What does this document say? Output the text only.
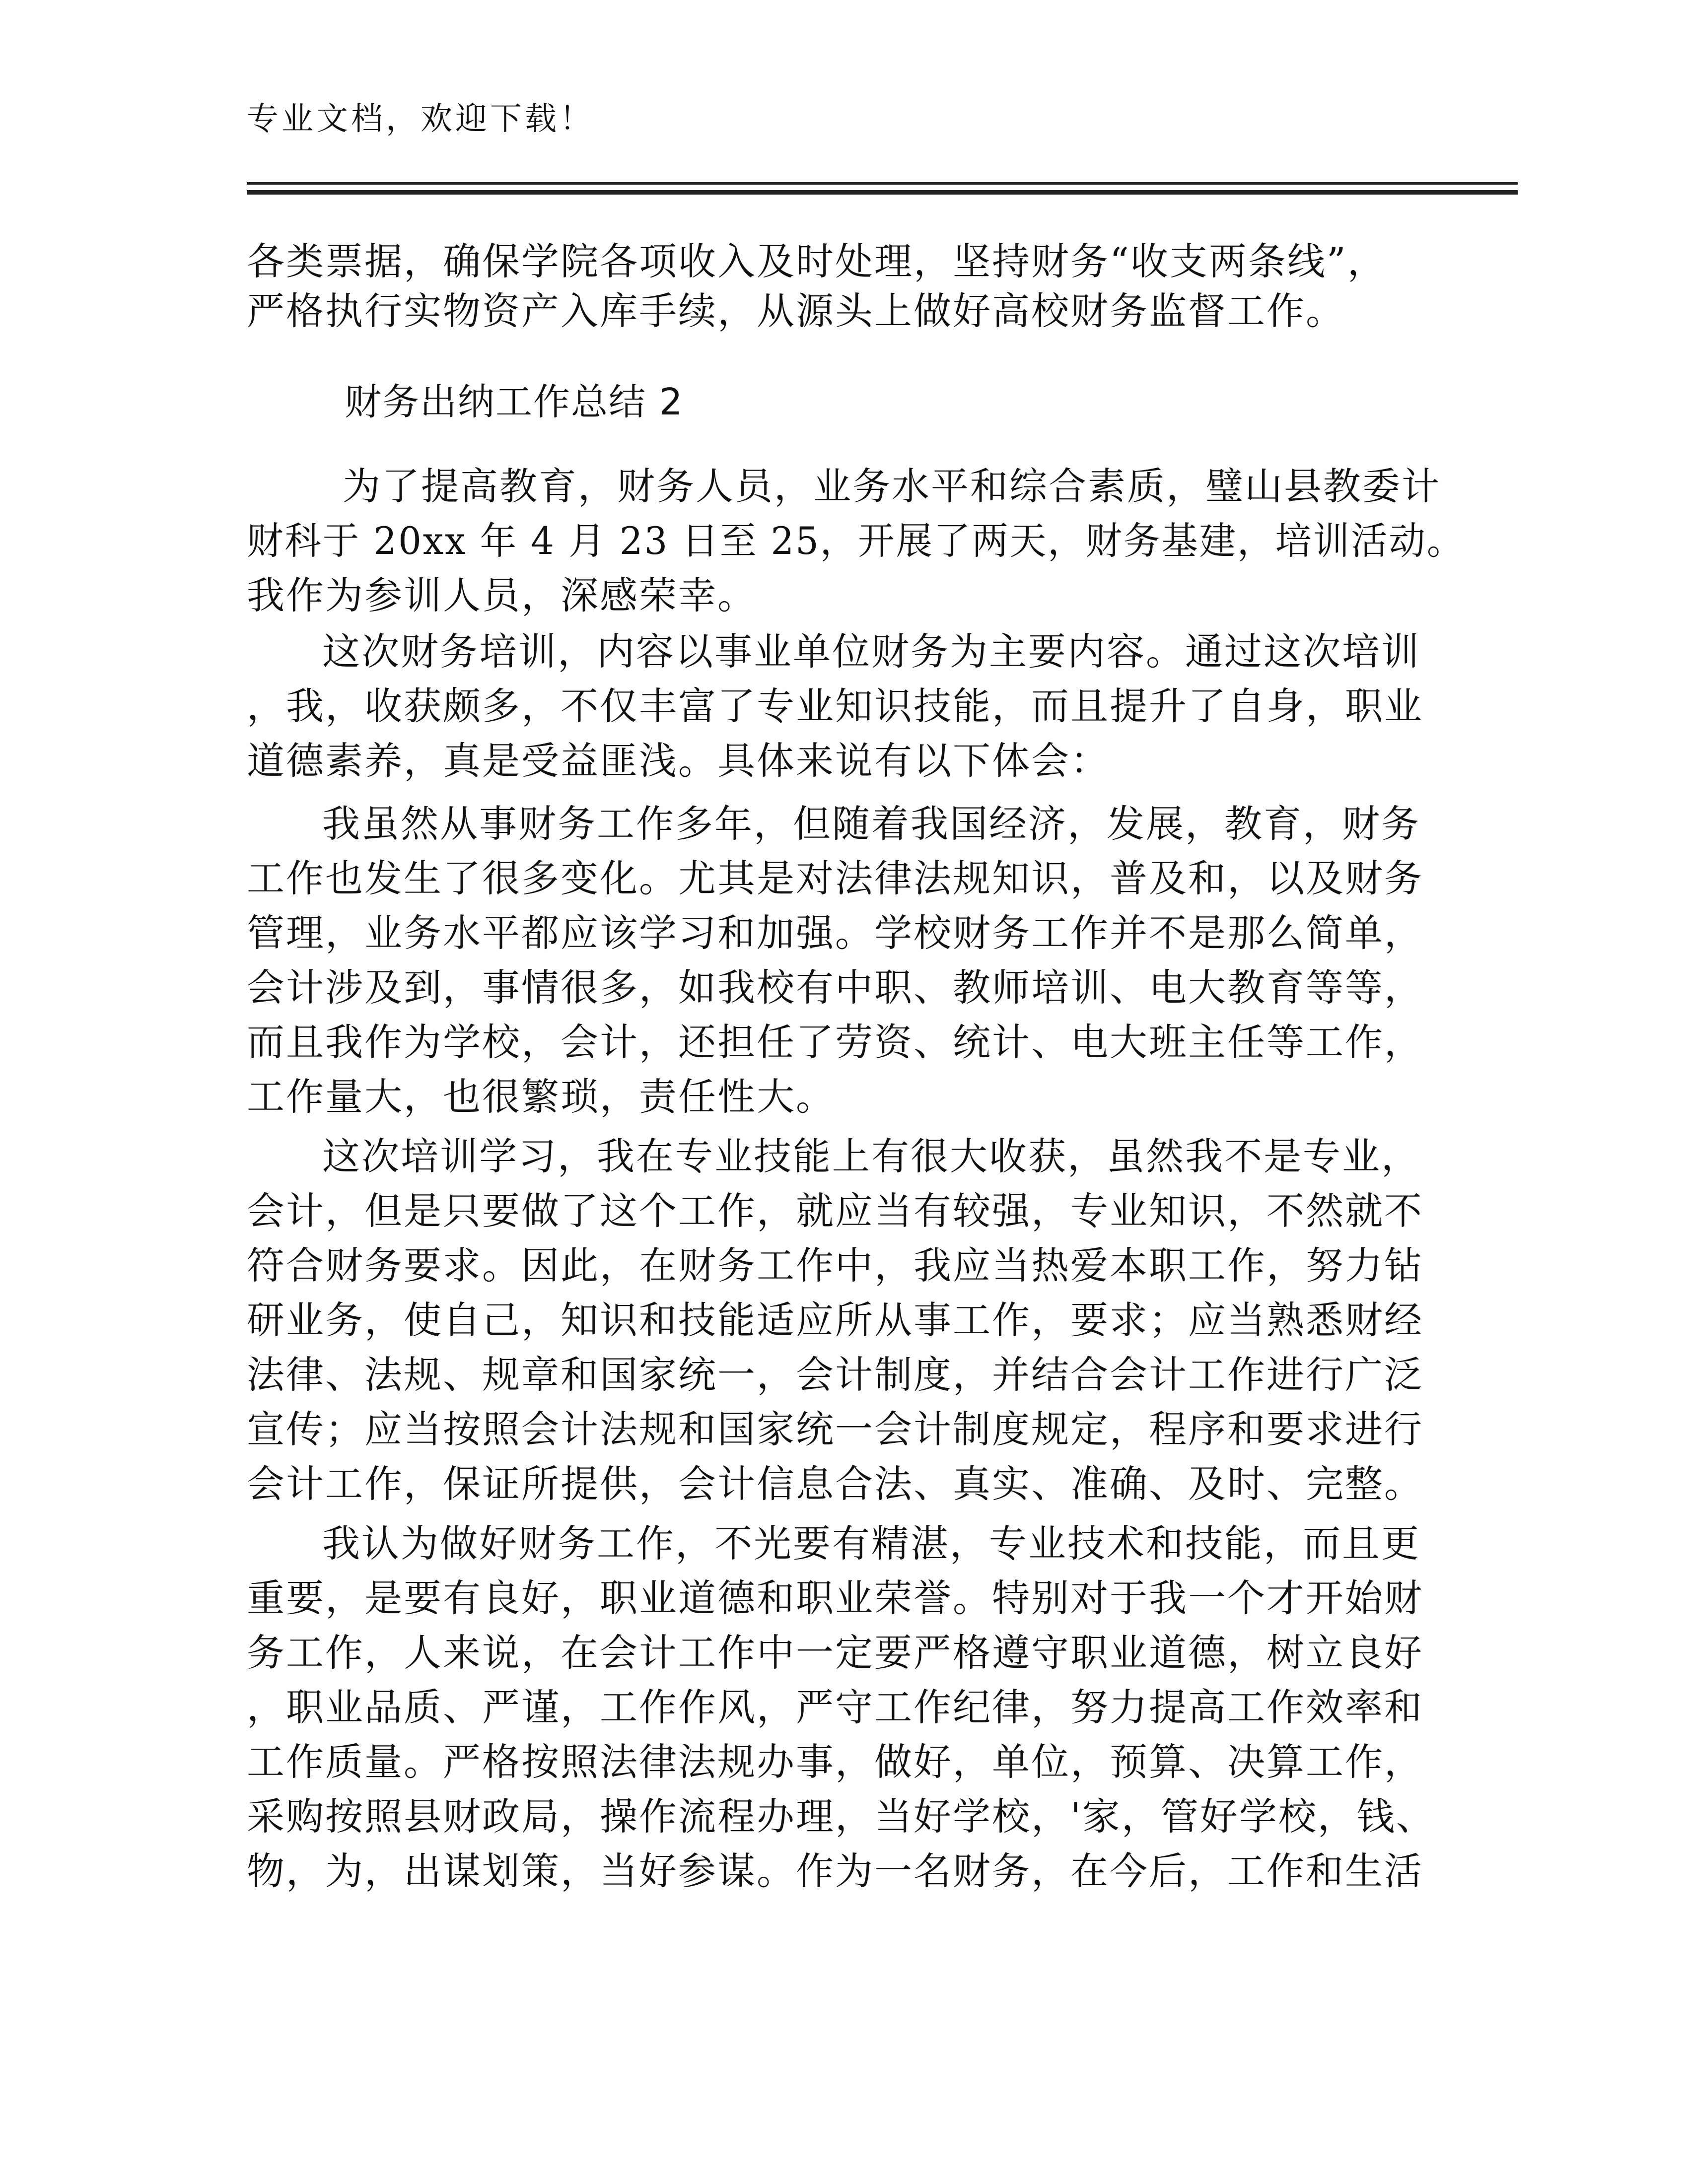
专业文档，欢迎下载！
各类票据，确保学院各项收入及时处理，坚持财务“收支两条线”，
严格执行实物资产入库手续，从源头上做好高校财务监督工作。
财务出纳工作总结 2
为了提高教育，财务人员，业务水平和综合素质，璧山县教委计
财科于 20xx 年 4 月 23 日至 25，开展了两天，财务基建，培训活动。
我作为参训人员，深感荣幸。
这次财务培训，内容以事业单位财务为主要内容。通过这次培训
，我，收获颇多，不仅丰富了专业知识技能，而且提升了自身，职业
道德素养，真是受益匪浅。具体来说有以下体会：
我虽然从事财务工作多年，但随着我国经济，发展，教育，财务
工作也发生了很多变化。尤其是对法律法规知识，普及和，以及财务
管理，业务水平都应该学习和加强。学校财务工作并不是那么简单，
会计涉及到，事情很多，如我校有中职、教师培训、电大教育等等，
而且我作为学校，会计，还担任了劳资、统计、电大班主任等工作，
工作量大，也很繁琐，责任性大。
这次培训学习，我在专业技能上有很大收获，虽然我不是专业，
会计，但是只要做了这个工作，就应当有较强，专业知识，不然就不
符合财务要求。因此，在财务工作中，我应当热爱本职工作，努力钻
研业务，使自己，知识和技能适应所从事工作，要求；应当熟悉财经
法律、法规、规章和国家统一，会计制度，并结合会计工作进行广泛
宣传；应当按照会计法规和国家统一会计制度规定，程序和要求进行
会计工作，保证所提供，会计信息合法、真实、准确、及时、完整。
我认为做好财务工作，不光要有精湛，专业技术和技能，而且更
重要，是要有良好，职业道德和职业荣誉。特别对于我一个才开始财
务工作，人来说，在会计工作中一定要严格遵守职业道德，树立良好
，职业品质、严谨，工作作风，严守工作纪律，努力提高工作效率和
工作质量。严格按照法律法规办事，做好，单位，预算、决算工作，
采购按照县财政局，操作流程办理，当好学校，'家，管好学校，钱、
物，为，出谋划策，当好参谋。作为一名财务，在今后，工作和生活
